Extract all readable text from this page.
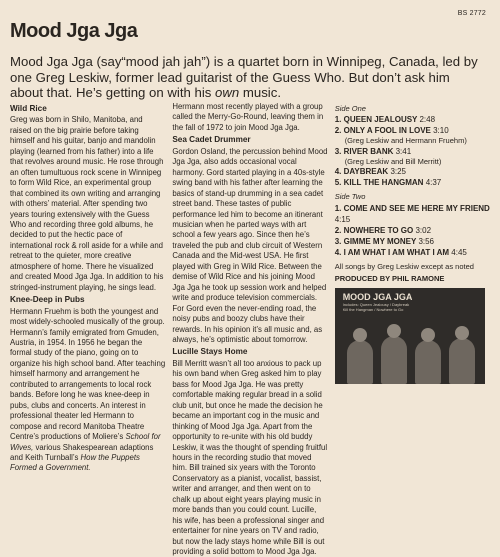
BS 2772
Mood Jga Jga
Mood Jga Jga (say“mood jah jah”) is a quartet born in Winnipeg, Canada, led by one Greg Leskiw, former lead guitarist of the Guess Who. But don’t ask him about that. He’s getting on with his own music.
Wild Rice

Greg was born in Shilo, Manitoba, and raised on the big prairie before taking himself and his guitar, banjo and mandolin playing (learned from his father) into a life that revolves around music. He rose through an often tumultuous rock scene in Winnipeg to form Wild Rice, an experimental group that combined its own writing and arranging with others’ material. After spending two years touring extensively with the Guess Who and recording three gold albums, he decided to put the hectic pace of international rock & roll aside for a while and retreat to the quieter, more creative atmosphere of home. There he visualized and created Mood Jga Jga. In addition to his stringed-instrument playing, he sings lead.

Knee-Deep in Pubs

Hermann Fruehm is both the youngest and most widely-schooled musically of the group. Hermann’s family emigrated from Gmuden, Austria, in 1954. In 1956 he began the formal study of the piano, going on to organize his high school band. After teaching himself harmony and arrangement he contributed to arrangements to local rock bands. Before long he was knee-deep in pubs, clubs and concerts. An interest in professional theater led Hermann to compose and record Manitoba Theatre Centre’s productions of Moliere’s School for Wives, various Shakespearean adaptions and Keith Turnball’s How the Puppets Formed a Government.

Hermann most recently played with a group called the Merry-Go-Round, leaving them in the fall of 1972 to join Mood Jga Jga.

Sea Cadet Drummer

Gordon Osland, the percussion behind Mood Jga Jga, also adds occasional vocal harmony. Gord started playing in a 40s-style swing band with his father after learning the basics of stand-up drumming in a sea cadet street band. These tastes of public performance led him to become an itinerant musician when he parted ways with art school a few years ago. Since then he’s traveled the pub and club circuit of Western Canada and the Mid-west USA. He first played with Greg in Wild Rice. Between the demise of Wild Rice and his joining Mood Jga Jga he took up session work and helped write and produce television commercials. For Gord even the never-ending road, the noisy pubs and boozy clubs have their rewards. In his opinion it’s all music and, as always, he’s optimistic about tomorrow.

Lucille Stays Home

Bill Merritt wasn’t all too anxious to pack up his own band when Greg asked him to play bass for Mood Jga Jga. He was pretty comfortable making regular bread in a solid club unit, but once he made the decision he became an important cog in the music and thinking of Mood Jga Jga. Apart from the opportunity to re-unite with his old buddy Leskiw, it was the thought of spending fruitful hours in the recording studio that moved him. Bill trained six years with the Toronto Conservatory as a pianist, vocalist, bassist, writer and arranger, and then went on to chalk up about eight years playing music in more bands than you could count. Lucille, his wife, has been a professional singer and entertainer for nine years on TV and radio, but now the lady stays home while Bill is out providing a solid bottom to Mood Jga Jga.

Side One
1. QUEEN JEALOUSY 2:48
2. ONLY A FOOL IN LOVE 3:10
(Greg Leskiw and Hermann Fruehm)
3. RIVER BANK 3:41
(Greg Leskiw and Bill Merritt)
4. DAYBREAK 3:25
5. KILL THE HANGMAN 4:37
Side Two
1. COME AND SEE ME HERE MY FRIEND 4:15
2. NOWHERE TO GO 3:02
3. GIMME MY MONEY 3:56
4. I AM WHAT I AM WHAT I AM 4:45
All songs by Greg Leskiw except as noted
PRODUCED BY PHIL RAMONE
MOOD JGA JGA
Includes: Queen Jealousy / Daybreak
Kill the Hangman / Nowhere to Go
